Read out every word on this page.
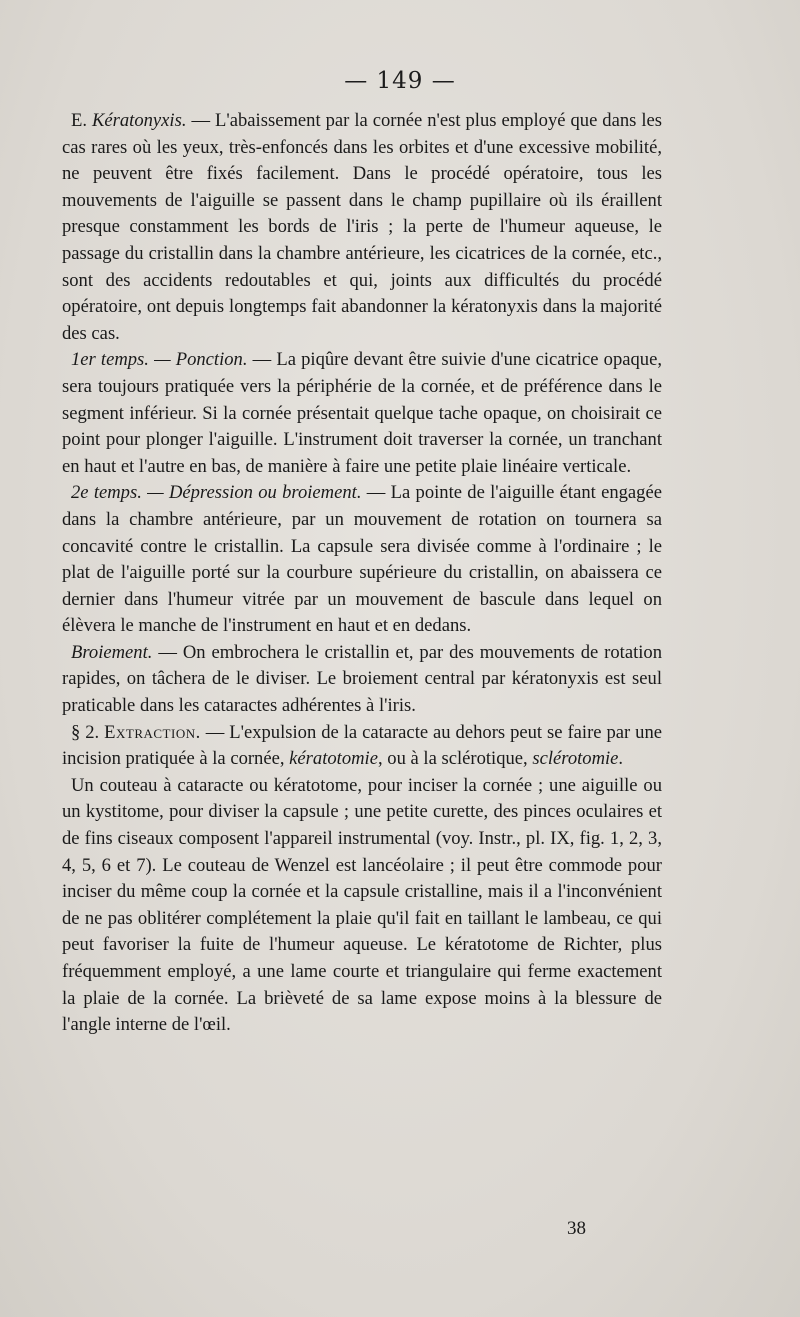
— 149 —

E. Kératonyxis. — L'abaissement par la cornée n'est plus employé que dans les cas rares où les yeux, très-enfoncés dans les orbites et d'une excessive mobilité, ne peuvent être fixés facilement. Dans le procédé opératoire, tous les mouvements de l'aiguille se passent dans le champ pupillaire où ils éraillent presque constamment les bords de l'iris ; la perte de l'humeur aqueuse, le passage du cristallin dans la chambre antérieure, les cicatrices de la cornée, etc., sont des accidents redoutables et qui, joints aux difficultés du procédé opératoire, ont depuis longtemps fait abandonner la kératonyxis dans la majorité des cas.

1er temps. — Ponction. — La piqûre devant être suivie d'une cicatrice opaque, sera toujours pratiquée vers la périphérie de la cornée, et de préférence dans le segment inférieur. Si la cornée présentait quelque tache opaque, on choisirait ce point pour plonger l'aiguille. L'instrument doit traverser la cornée, un tranchant en haut et l'autre en bas, de manière à faire une petite plaie linéaire verticale.

2e temps. — Dépression ou broiement. — La pointe de l'aiguille étant engagée dans la chambre antérieure, par un mouvement de rotation on tournera sa concavité contre le cristallin. La capsule sera divisée comme à l'ordinaire ; le plat de l'aiguille porté sur la courbure supérieure du cristallin, on abaissera ce dernier dans l'humeur vitrée par un mouvement de bascule dans lequel on élèvera le manche de l'instrument en haut et en dedans.

Broiement. — On embrochera le cristallin et, par des mouvements de rotation rapides, on tâchera de le diviser. Le broiement central par kératonyxis est seul praticable dans les cataractes adhérentes à l'iris.

§ 2. Extraction. — L'expulsion de la cataracte au dehors peut se faire par une incision pratiquée à la cornée, kératotomie, ou à la sclérotique, sclérotomie.

Un couteau à cataracte ou kératotome, pour inciser la cornée ; une aiguille ou un kystitome, pour diviser la capsule ; une petite curette, des pinces oculaires et de fins ciseaux composent l'appareil instrumental (voy. Instr., pl. IX, fig. 1, 2, 3, 4, 5, 6 et 7). Le couteau de Wenzel est lancéolaire ; il peut être commode pour inciser du même coup la cornée et la capsule cristalline, mais il a l'inconvénient de ne pas oblitérer complétement la plaie qu'il fait en taillant le lambeau, ce qui peut favoriser la fuite de l'humeur aqueuse. Le kératotome de Richter, plus fréquemment employé, a une lame courte et triangulaire qui ferme exactement la plaie de la cornée. La brièveté de sa lame expose moins à la blessure de l'angle interne de l'œil.

38
